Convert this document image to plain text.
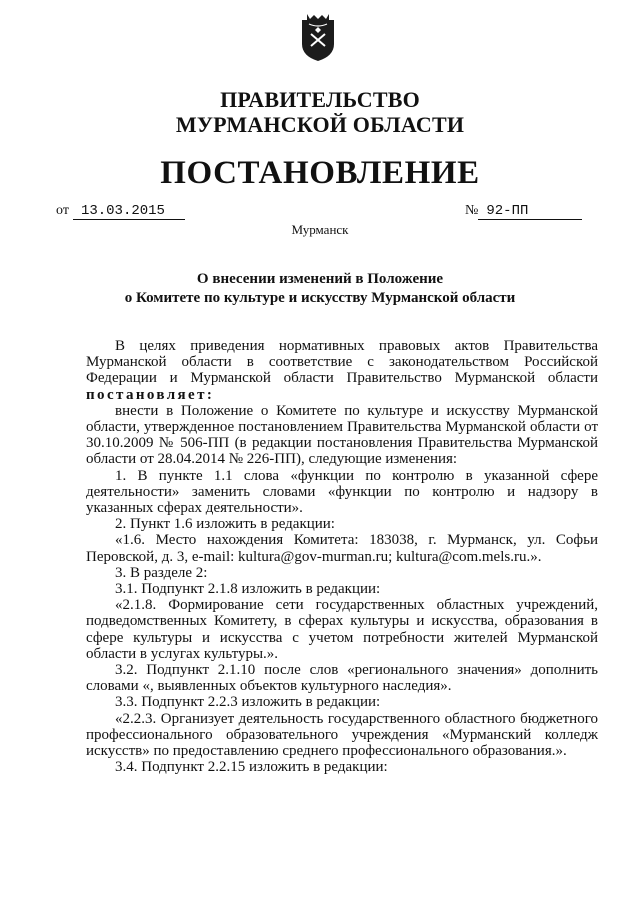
ПРАВИТЕЛЬСТВО
МУРМАНСКОЙ ОБЛАСТИ
ПОСТАНОВЛЕНИЕ
от 13.03.2015	№ 92-ПП
Мурманск
О внесении изменений в Положение
о Комитете по культуре и искусству Мурманской области

В целях приведения нормативных правовых актов Правительства Мурманской области в соответствие с законодательством Российской Федерации и Мурманской области Правительство Мурманской области постановляет:

внести в Положение о Комитете по культуре и искусству Мурманской области, утвержденное постановлением Правительства Мурманской области от 30.10.2009 № 506-ПП (в редакции постановления Правительства Мурманской области от 28.04.2014 № 226-ПП), следующие изменения:

1. В пункте 1.1 слова «функции по контролю в указанной сфере деятельности» заменить словами «функции по контролю и надзору в указанных сферах деятельности».

2. Пункт 1.6 изложить в редакции:

«1.6. Место нахождения Комитета: 183038, г. Мурманск, ул. Софьи Перовской, д. 3, e-mail: kultura@gov-murman.ru; kultura@com.mels.ru.».

3. В разделе 2:

3.1. Подпункт 2.1.8 изложить в редакции:

«2.1.8. Формирование сети государственных областных учреждений, подведомственных Комитету, в сферах культуры и искусства, образования в сфере культуры и искусства с учетом потребности жителей Мурманской области в услугах культуры.».

3.2. Подпункт 2.1.10 после слов «регионального значения» дополнить словами «, выявленных объектов культурного наследия».

3.3. Подпункт 2.2.3 изложить в редакции:

«2.2.3. Организует деятельность государственного областного бюджетного профессионального образовательного учреждения «Мурманский колледж искусств» по предоставлению среднего профессионального образования.».

3.4. Подпункт 2.2.15 изложить в редакции:
